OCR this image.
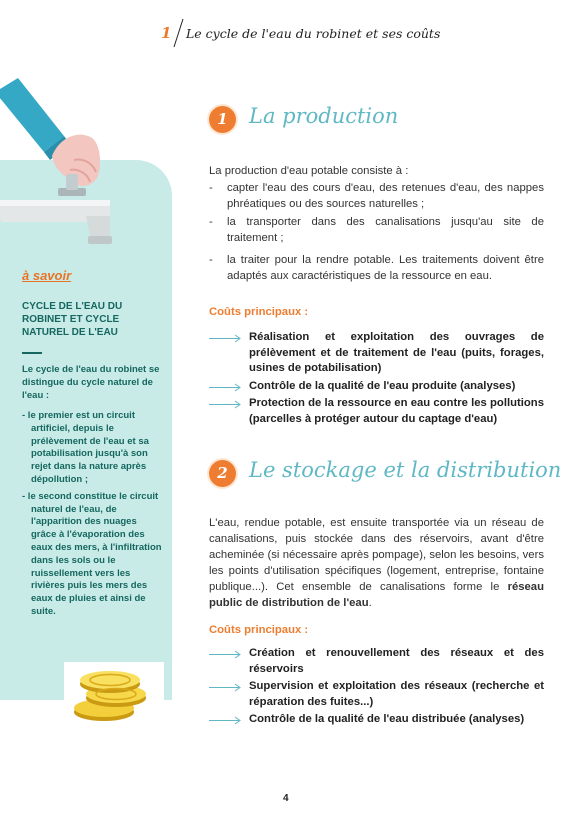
1 Le cycle de l'eau du robinet et ses coûts
à savoir
CYCLE DE L'EAU DU ROBINET ET CYCLE NATUREL DE L'EAU
Le cycle de l'eau du robinet se distingue du cycle naturel de l'eau :
- le premier est un circuit artificiel, depuis le prélèvement de l'eau et sa potabilisation jusqu'à son rejet dans la nature après dépollution ;
- le second constitue le circuit naturel de l'eau, de l'apparition des nuages grâce à l'évaporation des eaux des mers, à l'infiltration dans les sols ou le ruissellement vers les rivières puis les mers des eaux de pluies et ainsi de suite.
1	La production
La production d'eau potable consiste à :
- capter l'eau des cours d'eau, des retenues d'eau, des nappes phréatiques ou des sources naturelles ;
- la transporter dans des canalisations jusqu'au site de traitement ;
- la traiter pour la rendre potable. Les traitements doivent être adaptés aux caractéristiques de la ressource en eau.
Coûts principaux :
Réalisation et exploitation des ouvrages de prélèvement et de traitement de l'eau (puits, forages, usines de potabilisation)
Contrôle de la qualité de l'eau produite (analyses)
Protection de la ressource en eau contre les pollutions (parcelles à protéger autour du captage d'eau)
2	Le stockage et la distribution
L'eau, rendue potable, est ensuite transportée via un réseau de canalisations, puis stockée dans des réservoirs, avant d'être acheminée (si nécessaire après pompage), selon les besoins, vers les points d'utilisation spécifiques (logement, entreprise, fontaine publique...). Cet ensemble de canalisations forme le réseau public de distribution de l'eau.
Coûts principaux :
Création et renouvellement des réseaux et des réservoirs
Supervision et exploitation des réseaux (recherche et réparation des fuites...)
Contrôle de la qualité de l'eau distribuée (analyses)
4
